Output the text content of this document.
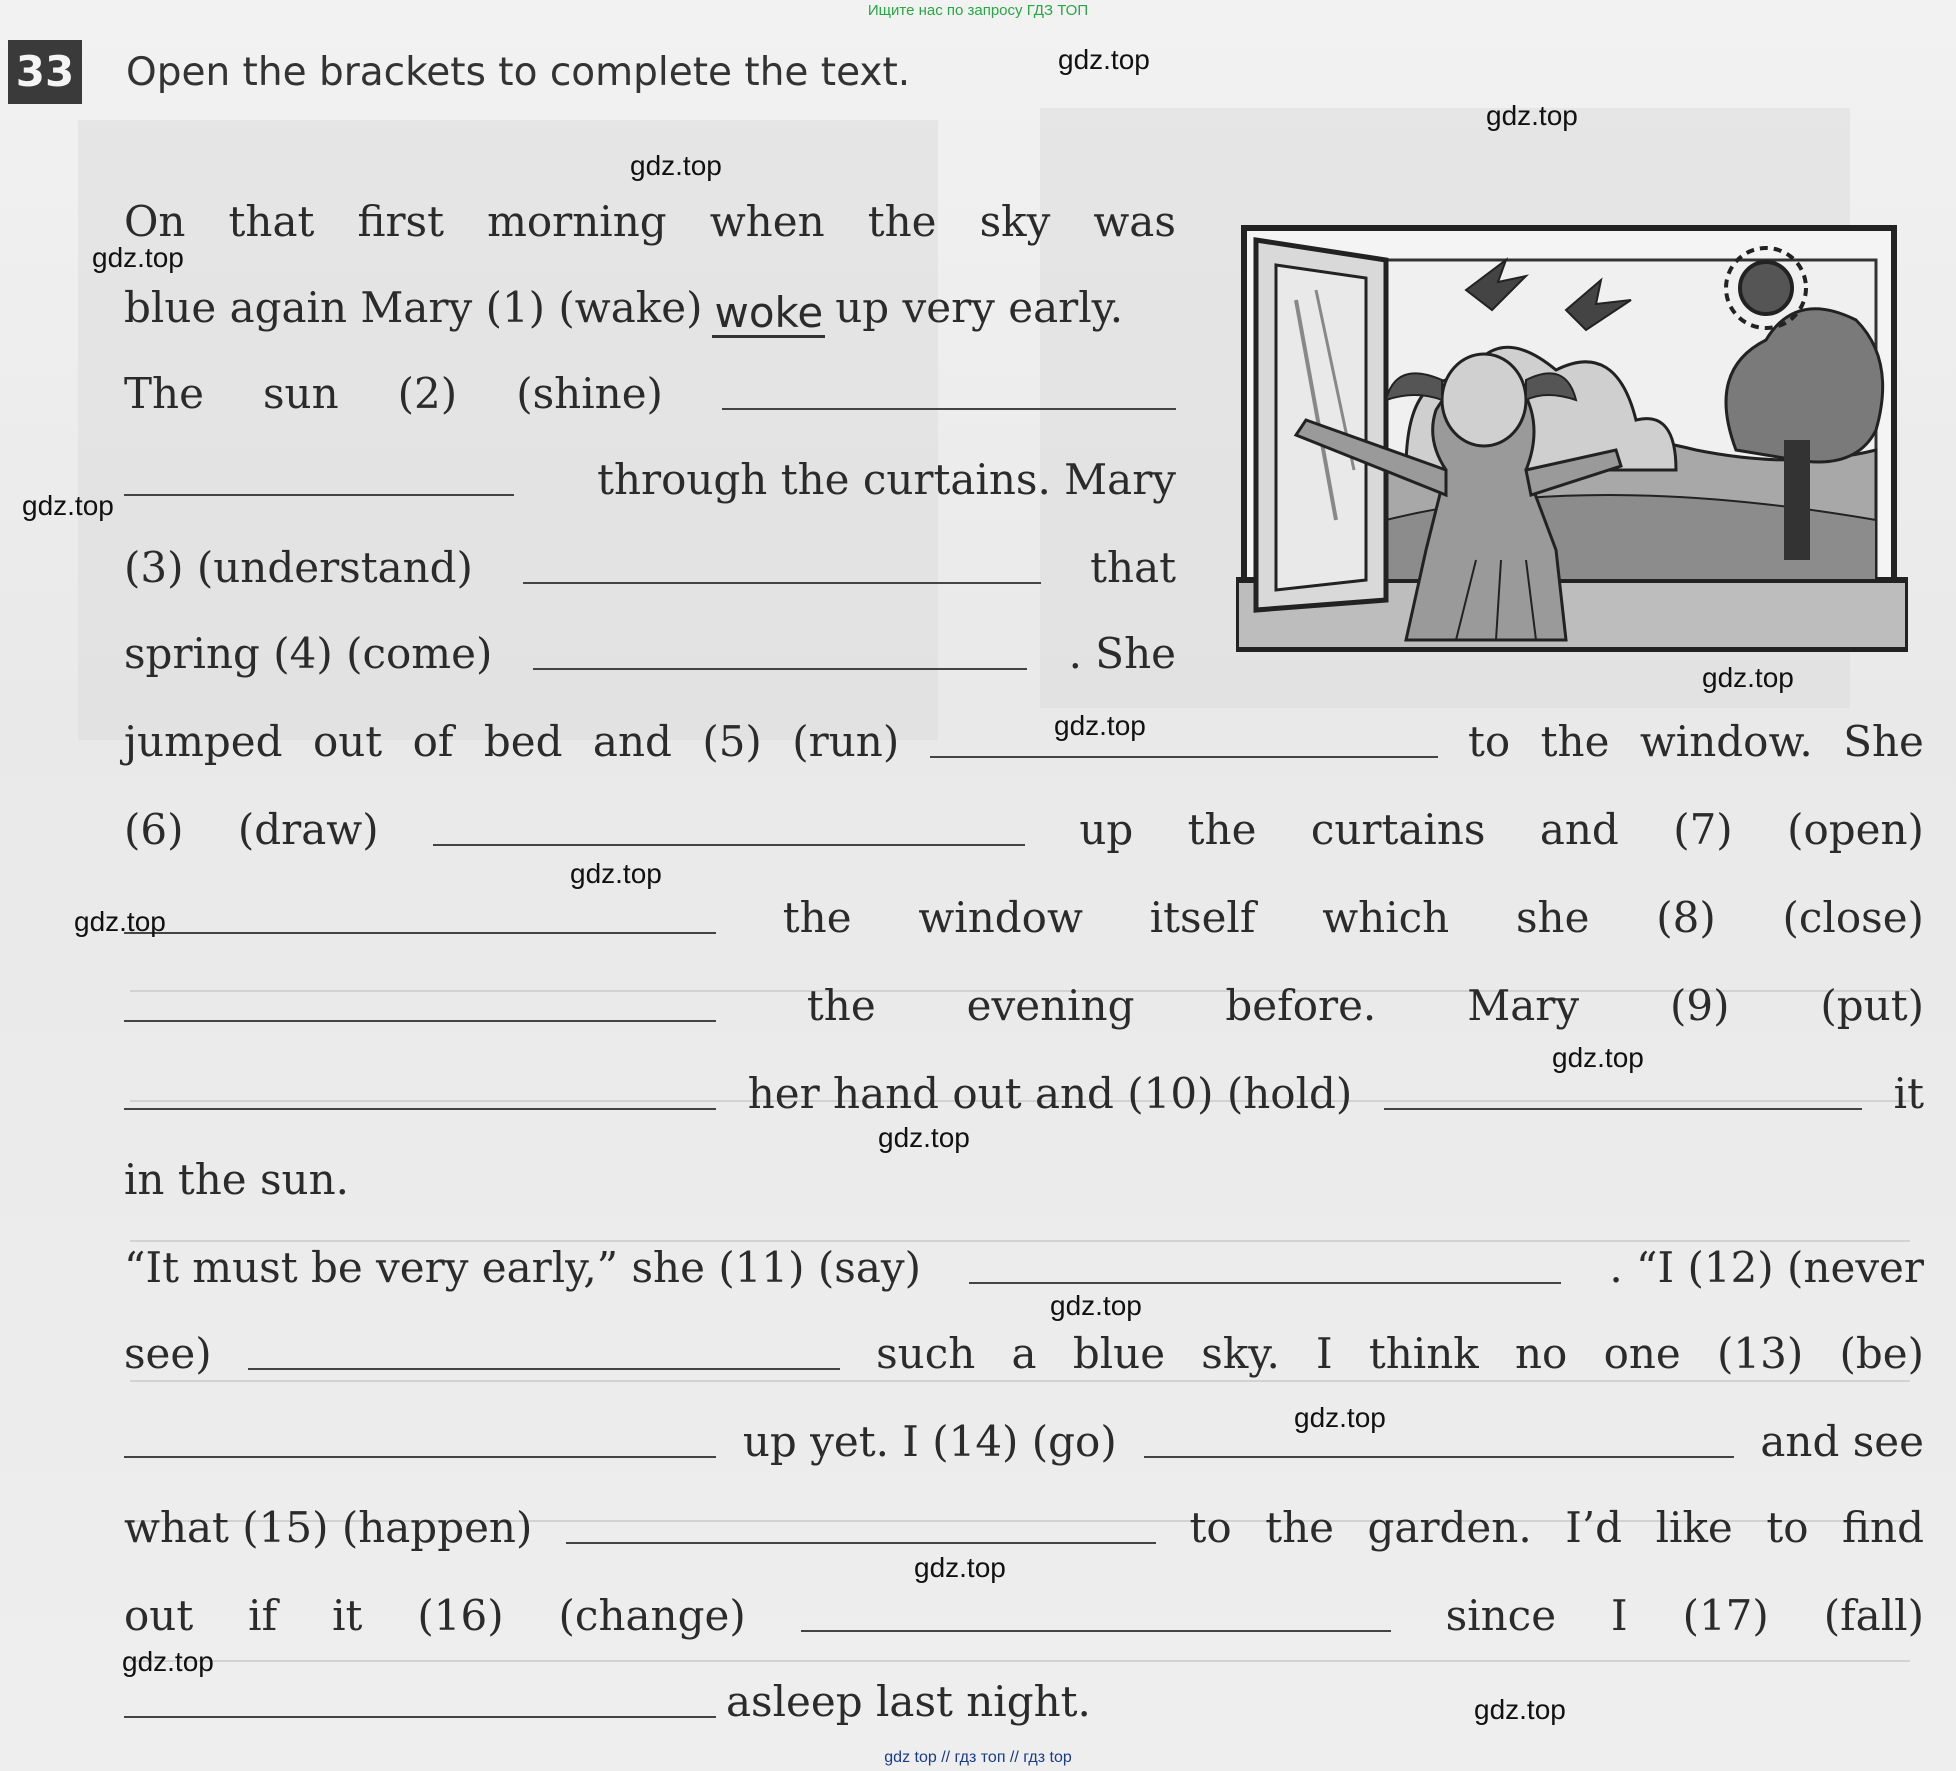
Ищите нас по запросу ГДЗ ТОП
33 Open the brackets to complete the text.
On that first morning when the sky was
blue again Mary (1) (wake) woke up very early.
The sun (2) (shine)
through the curtains. Mary
(3) (understand)	that
spring (4) (come)	. She
jumped out of bed and (5) (run)	to the window. She
(6) (draw)	up the curtains and (7) (open)
the window itself which she (8) (close)
the evening before. Mary (9) (put)
her hand out and (10) (hold)	it
in the sun.
“It must be very early,” she (11) (say)	. “I (12) (never
see)	such a blue sky. I think no one (13) (be)
up yet. I (14) (go)	and see
what (15) (happen)	to the garden. I’d like to find
out if it (16) (change)	since I (17) (fall)
asleep last night.
gdz.top
gdz.top
gdz.top
gdz.top
gdz.top
gdz.top
gdz.top
gdz.top
gdz.top
gdz.top
gdz.top
gdz.top
gdz.top
gdz.top
gdz.top
gdz.top
gdz top // гдз топ // гдз top
